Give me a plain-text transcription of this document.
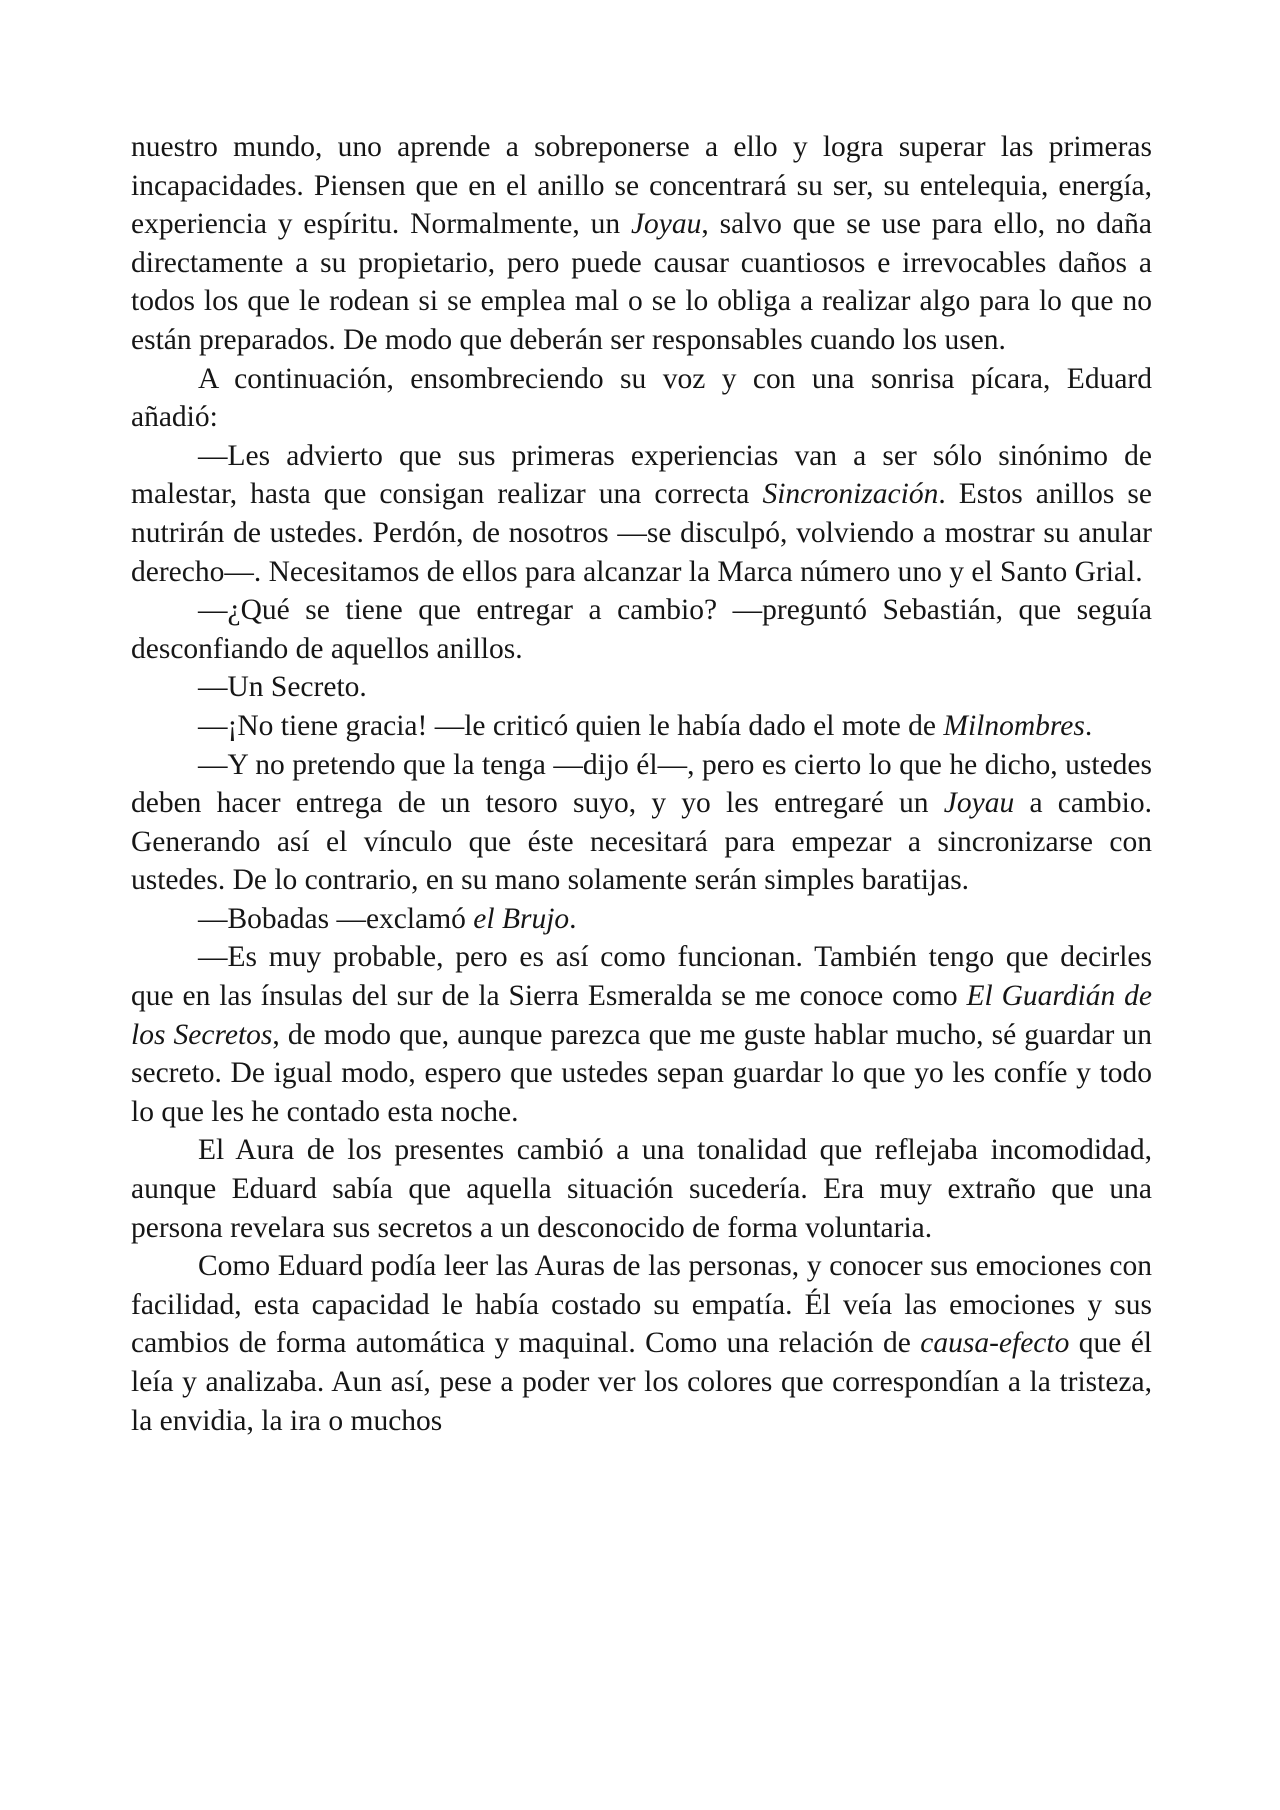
nuestro mundo, uno aprende a sobreponerse a ello y logra superar las primeras incapacidades. Piensen que en el anillo se concentrará su ser, su entelequia, energía, experiencia y espíritu. Normalmente, un Joyau, salvo que se use para ello, no daña directamente a su propietario, pero puede causar cuantiosos e irrevocables daños a todos los que le rodean si se emplea mal o se lo obliga a realizar algo para lo que no están preparados. De modo que deberán ser responsables cuando los usen.

A continuación, ensombreciendo su voz y con una sonrisa pícara, Eduard añadió:

—Les advierto que sus primeras experiencias van a ser sólo sinónimo de malestar, hasta que consigan realizar una correcta Sincronización. Estos anillos se nutrirán de ustedes. Perdón, de nosotros —se disculpó, volviendo a mostrar su anular derecho—. Necesitamos de ellos para alcanzar la Marca número uno y el Santo Grial.

—¿Qué se tiene que entregar a cambio? —preguntó Sebastián, que seguía desconfiando de aquellos anillos.

—Un Secreto.

—¡No tiene gracia! —le criticó quien le había dado el mote de Milnombres.

—Y no pretendo que la tenga —dijo él—, pero es cierto lo que he dicho, ustedes deben hacer entrega de un tesoro suyo, y yo les entregaré un Joyau a cambio. Generando así el vínculo que éste necesitará para empezar a sincronizarse con ustedes. De lo contrario, en su mano solamente serán simples baratijas.

—Bobadas —exclamó el Brujo.

—Es muy probable, pero es así como funcionan. También tengo que decirles que en las ínsulas del sur de la Sierra Esmeralda se me conoce como El Guardián de los Secretos, de modo que, aunque parezca que me guste hablar mucho, sé guardar un secreto. De igual modo, espero que ustedes sepan guardar lo que yo les confíe y todo lo que les he contado esta noche.

El Aura de los presentes cambió a una tonalidad que reflejaba incomodidad, aunque Eduard sabía que aquella situación sucedería. Era muy extraño que una persona revelara sus secretos a un desconocido de forma voluntaria.

Como Eduard podía leer las Auras de las personas, y conocer sus emociones con facilidad, esta capacidad le había costado su empatía. Él veía las emociones y sus cambios de forma automática y maquinal. Como una relación de causa-efecto que él leía y analizaba. Aun así, pese a poder ver los colores que correspondían a la tristeza, la envidia, la ira o muchos
